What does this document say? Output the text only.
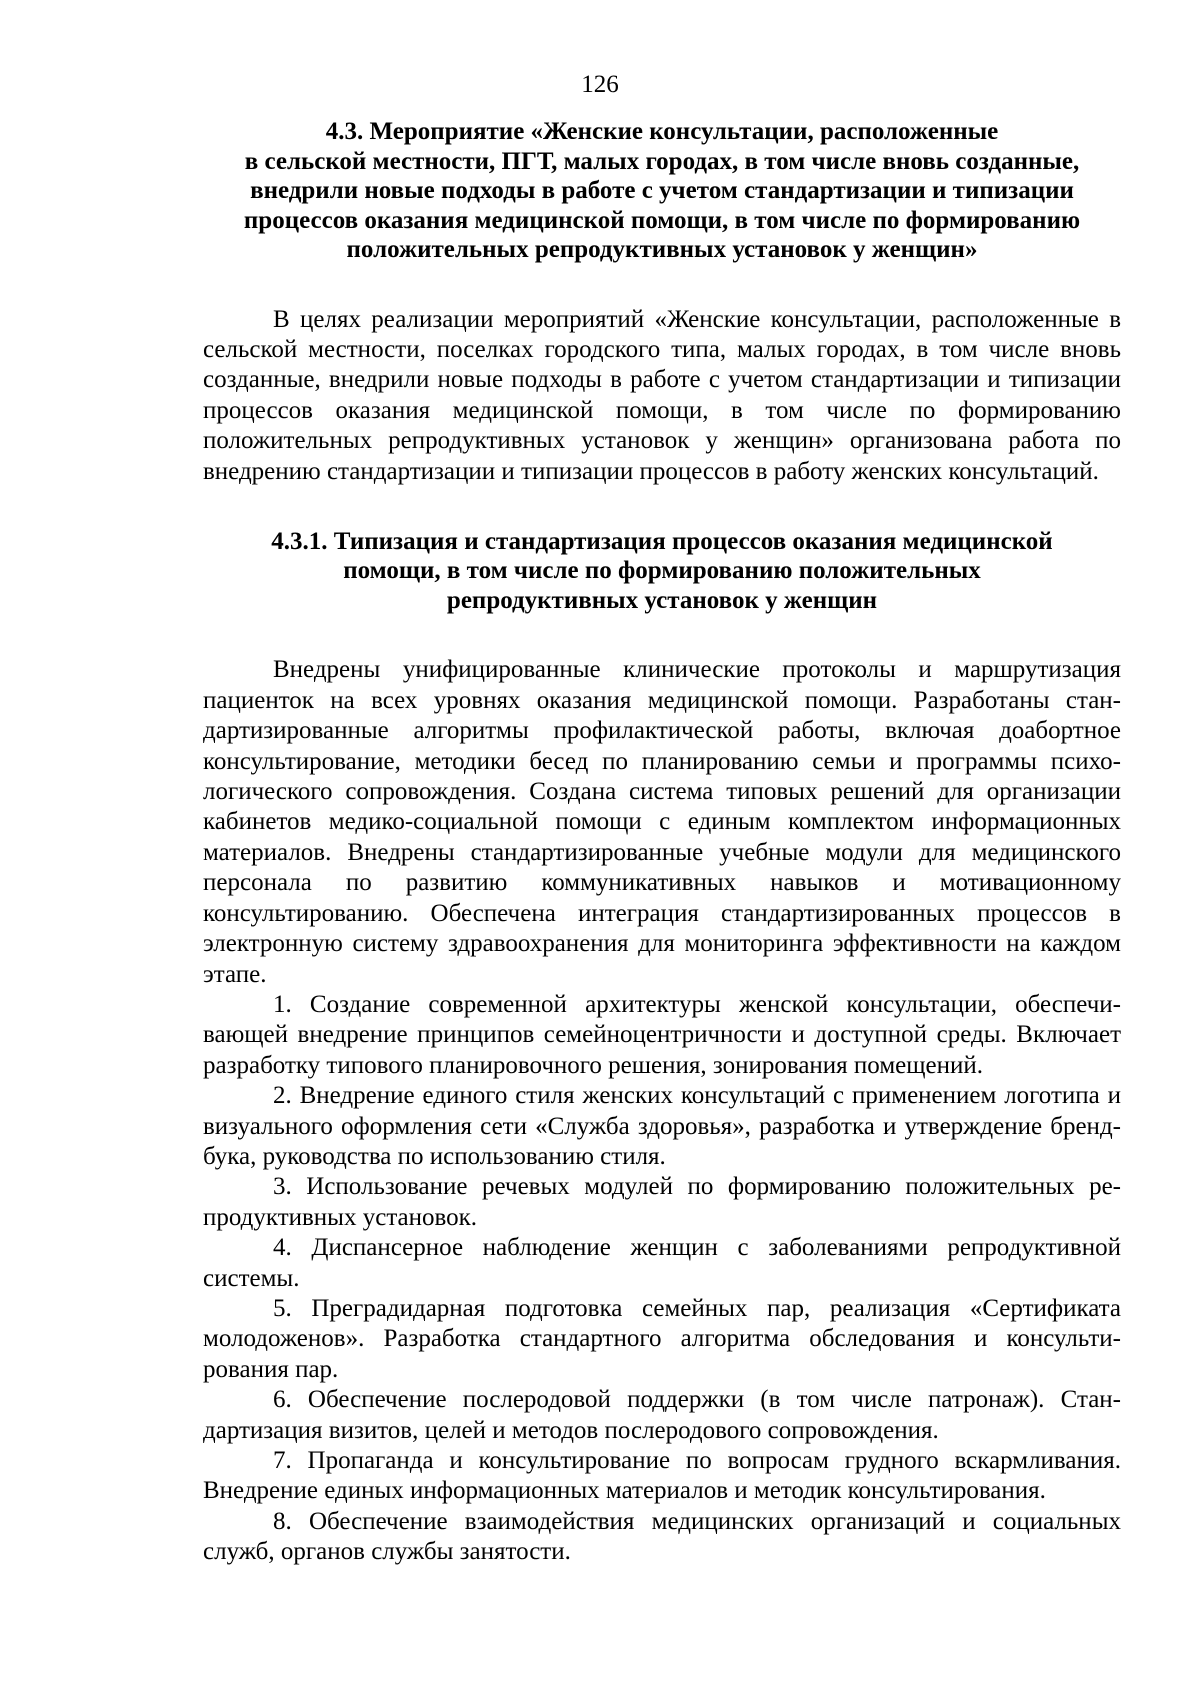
126
4.3. Мероприятие «Женские консультации, расположенные
в сельской местности, ПГТ, малых городах, в том числе вновь созданные,
внедрили новые подходы в работе с учетом стандартизации и типизации
процессов оказания медицинской помощи, в том числе по формированию
положительных репродуктивных установок у женщин»

В целях реализации мероприятий «Женские консультации, расположенные в сельской местности, поселках городского типа, малых городах, в том числе вновь созданные, внедрили новые подходы в работе с учетом стандартизации и типизации процессов оказания медицинской помощи, в том числе по формированию положительных репродуктивных установок у женщин» организована работа по внедрению стандартизации и типизации процессов в работу женских консультаций.

4.3.1. Типизация и стандартизация процессов оказания медицинской
помощи, в том числе по формированию положительных
репродуктивных установок у женщин

Внедрены унифицированные клинические протоколы и маршрутизация пациенток на всех уровнях оказания медицинской помощи. Разработаны стандартизированные алгоритмы профилактической работы, включая доабортное консультирование, методики бесед по планированию семьи и программы психологического сопровождения. Создана система типовых решений для организации кабинетов медико-социальной помощи с единым комплектом информационных материалов. Внедрены стандартизированные учебные модули для медицинского персонала по развитию коммуникативных навыков и мотивационному консультированию. Обеспечена интеграция стандартизированных процессов в электронную систему здравоохранения для мониторинга эффективности на каждом этапе.

1. Создание современной архитектуры женской консультации, обеспечивающей внедрение принципов семейноцентричности и доступной среды. Включает разработку типового планировочного решения, зонирования помещений.

2. Внедрение единого стиля женских консультаций с применением логотипа и визуального оформления сети «Служба здоровья», разработка и утверждение бренд-бука, руководства по использованию стиля.

3. Использование речевых модулей по формированию положительных репродуктивных установок.

4. Диспансерное наблюдение женщин с заболеваниями репродуктивной системы.

5. Преградидарная подготовка семейных пар, реализация «Сертификата молодоженов». Разработка стандартного алгоритма обследования и консультирования пар.

6. Обеспечение послеродовой поддержки (в том числе патронаж). Стандартизация визитов, целей и методов послеродового сопровождения.

7. Пропаганда и консультирование по вопросам грудного вскармливания. Внедрение единых информационных материалов и методик консультирования.

8. Обеспечение взаимодействия медицинских организаций и социальных служб, органов службы занятости.
